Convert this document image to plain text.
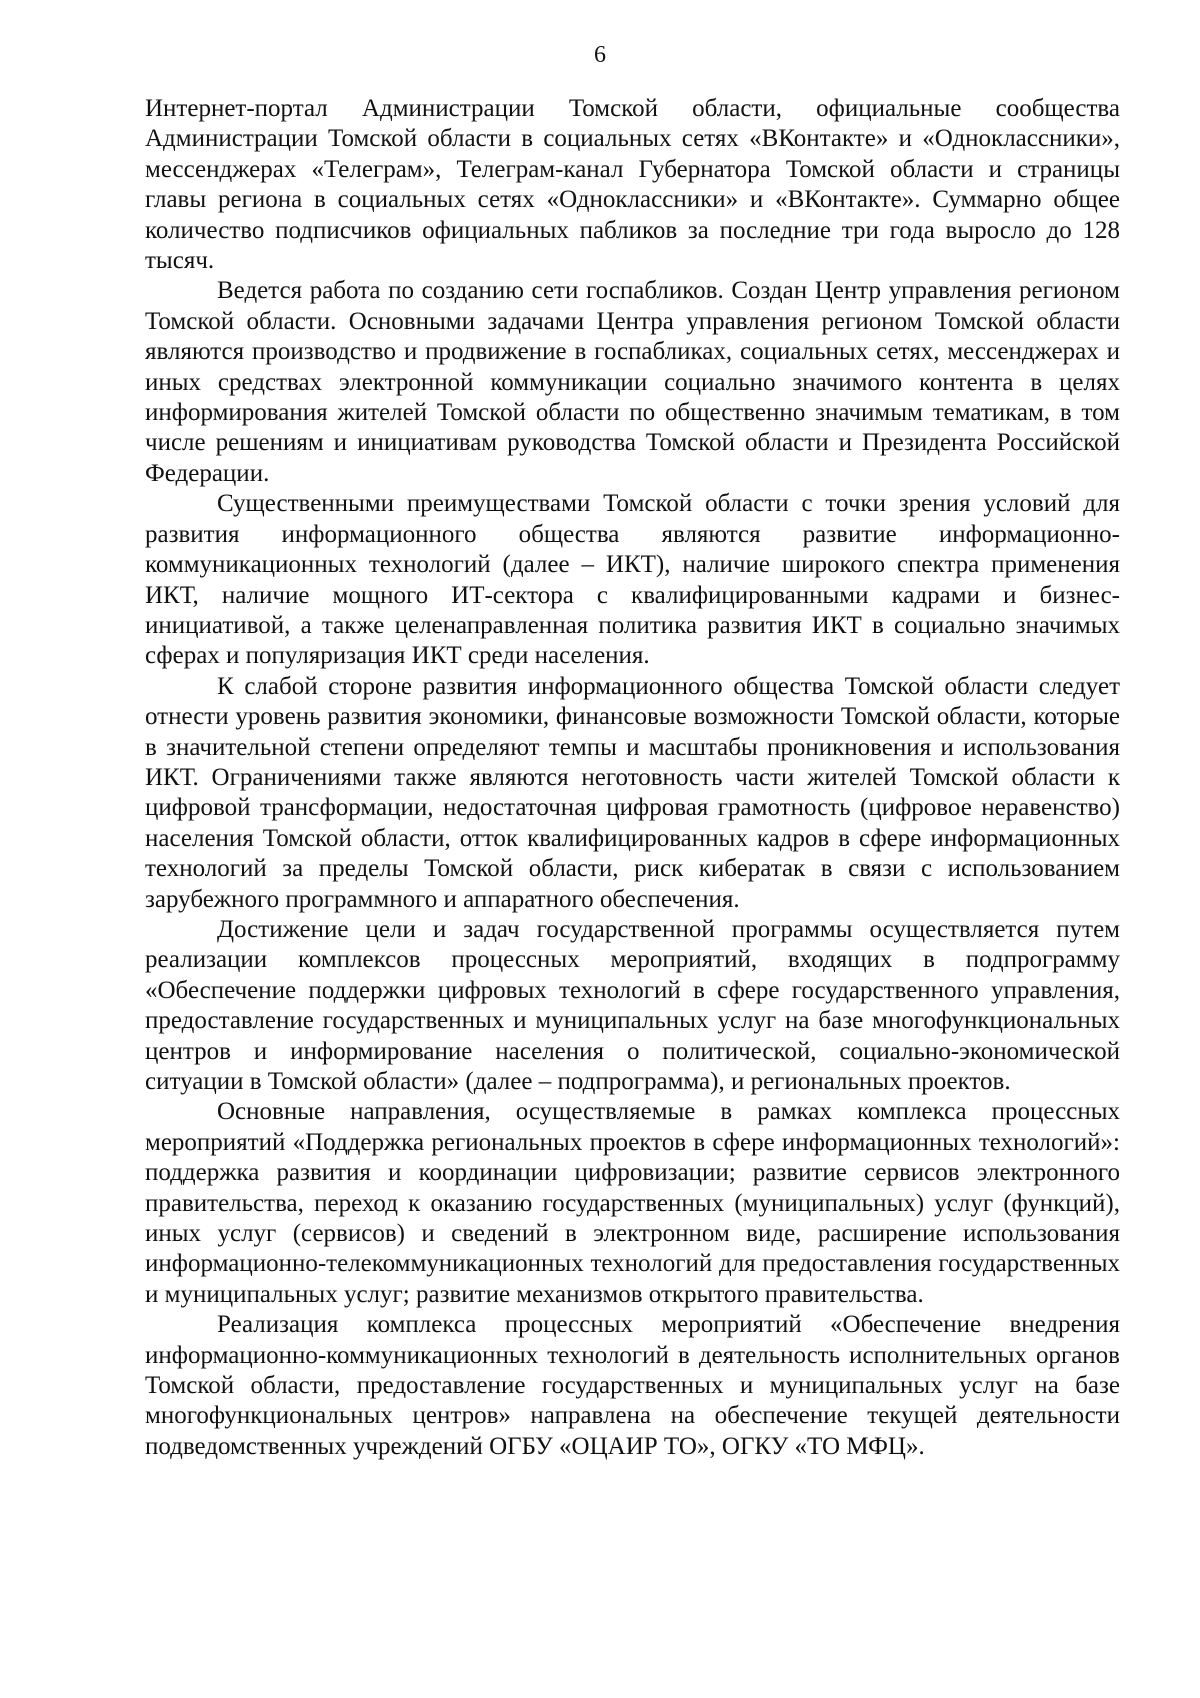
6

Интернет-портал Администрации Томской области, официальные сообщества Администрации Томской области в социальных сетях «ВКонтакте» и «Одноклассники», мессенджерах «Телеграм», Телеграм-канал Губернатора Томской области и страницы главы региона в социальных сетях «Одноклассники» и «ВКонтакте». Суммарно общее количество подписчиков официальных пабликов за последние три года выросло до 128 тысяч.

Ведется работа по созданию сети госпабликов. Создан Центр управления регионом Томской области. Основными задачами Центра управления регионом Томской области являются производство и продвижение в госпабликах, социальных сетях, мессенджерах и иных средствах электронной коммуникации социально значимого контента в целях информирования жителей Томской области по общественно значимым тематикам, в том числе решениям и инициативам руководства Томской области и Президента Российской Федерации.

Существенными преимуществами Томской области с точки зрения условий для развития информационного общества являются развитие информационно-коммуникационных технологий (далее – ИКТ), наличие широкого спектра применения ИКТ, наличие мощного ИТ-сектора с квалифицированными кадрами и бизнес-инициативой, а также целенаправленная политика развития ИКТ в социально значимых сферах и популяризация ИКТ среди населения.

К слабой стороне развития информационного общества Томской области следует отнести уровень развития экономики, финансовые возможности Томской области, которые в значительной степени определяют темпы и масштабы проникновения и использования ИКТ. Ограничениями также являются неготовность части жителей Томской области к цифровой трансформации, недостаточная цифровая грамотность (цифровое неравенство) населения Томской области, отток квалифицированных кадров в сфере информационных технологий за пределы Томской области, риск кибератак в связи с использованием зарубежного программного и аппаратного обеспечения.

Достижение цели и задач государственной программы осуществляется путем реализации комплексов процессных мероприятий, входящих в подпрограмму «Обеспечение поддержки цифровых технологий в сфере государственного управления, предоставление государственных и муниципальных услуг на базе многофункциональных центров и информирование населения о политической, социально-экономической ситуации в Томской области» (далее – подпрограмма), и региональных проектов.

Основные направления, осуществляемые в рамках комплекса процессных мероприятий «Поддержка региональных проектов в сфере информационных технологий»: поддержка развития и координации цифровизации; развитие сервисов электронного правительства, переход к оказанию государственных (муниципальных) услуг (функций), иных услуг (сервисов) и сведений в электронном виде, расширение использования информационно-телекоммуникационных технологий для предоставления государственных и муниципальных услуг; развитие механизмов открытого правительства.

Реализация комплекса процессных мероприятий «Обеспечение внедрения информационно-коммуникационных технологий в деятельность исполнительных органов Томской области, предоставление государственных и муниципальных услуг на базе многофункциональных центров» направлена на обеспечение текущей деятельности подведомственных учреждений ОГБУ «ОЦАИР ТО», ОГКУ «ТО МФЦ».
